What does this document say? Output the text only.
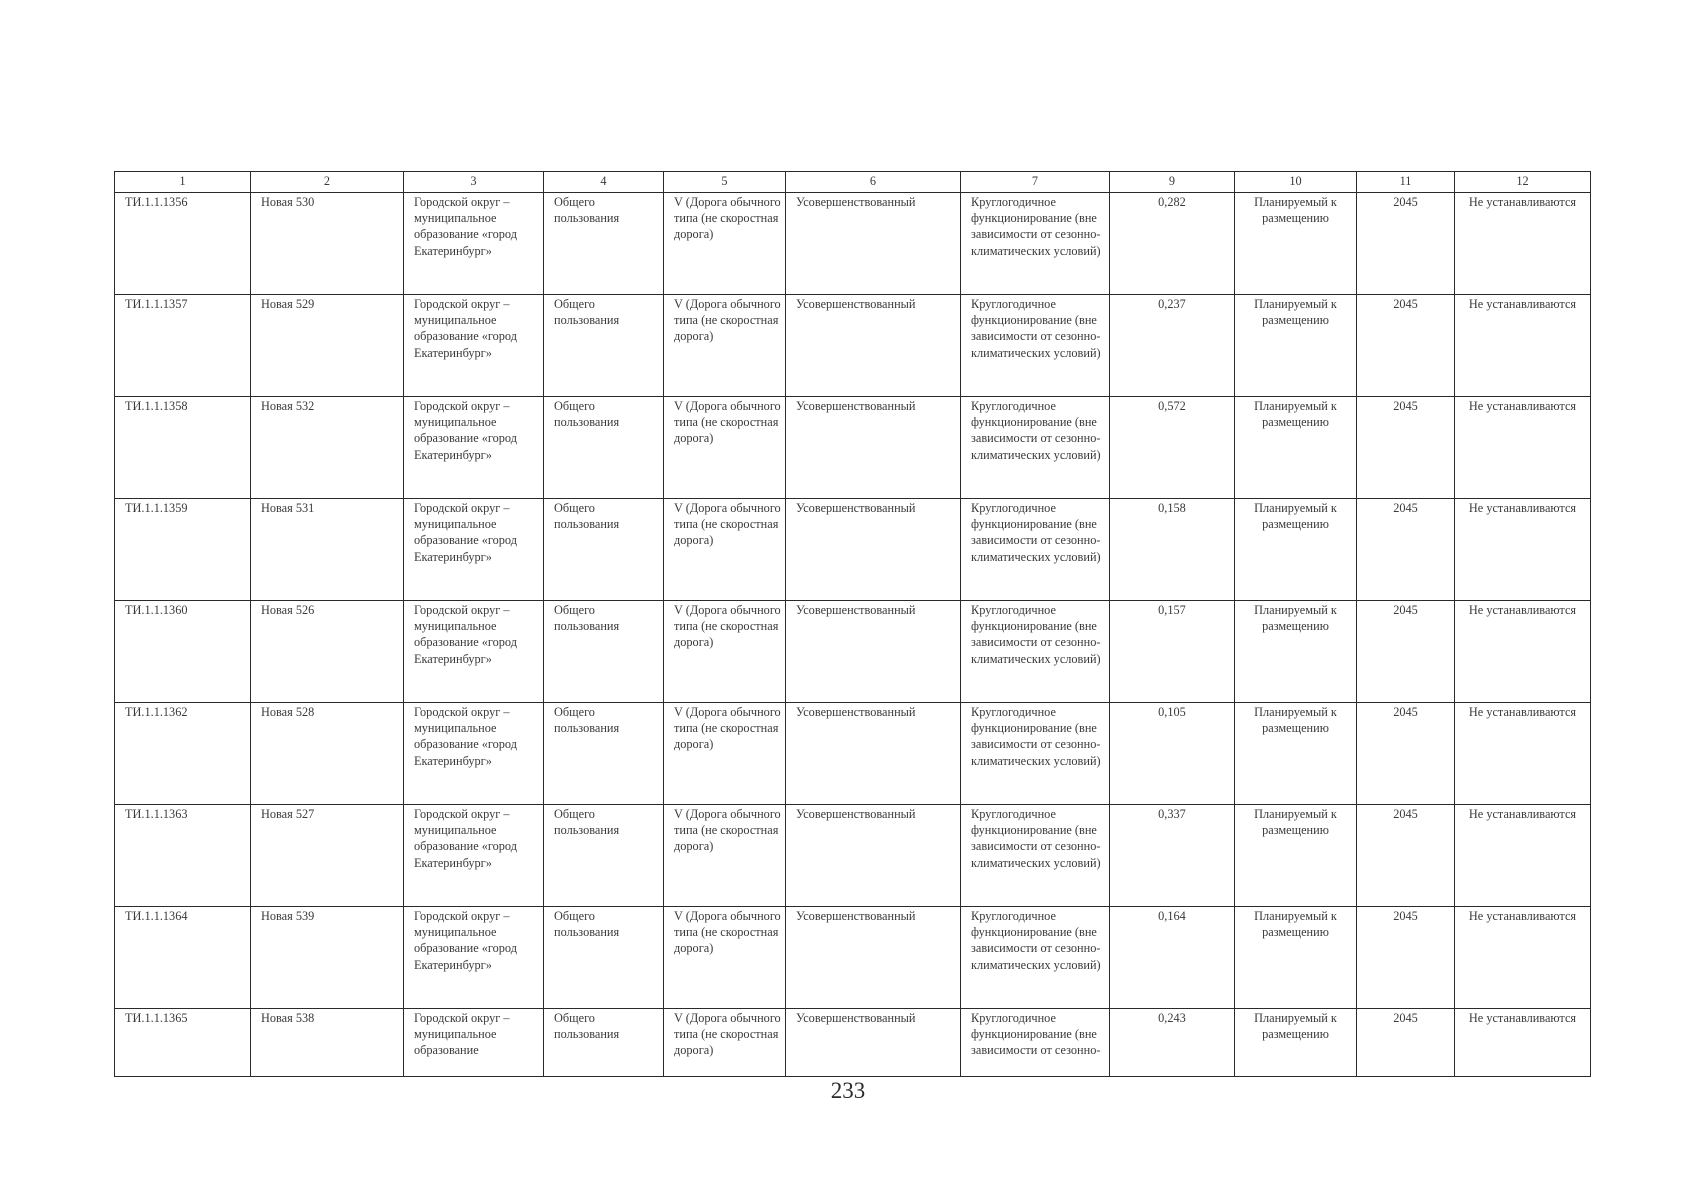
1	2	3	4	5	6	7	9	10	11	12
ТИ.1.1.1356	Новая 530	Городской округ – муниципальное образование «город Екатеринбург»	Общего пользования	V (Дорога обычного типа (не скоростная дорога)	Усовершенствованный	Круглогодичное функционирование (вне зависимости от сезонно-климатических условий)	0,282	Планируемый к размещению	2045	Не устанавливаются
ТИ.1.1.1357	Новая 529	Городской округ – муниципальное образование «город Екатеринбург»	Общего пользования	V (Дорога обычного типа (не скоростная дорога)	Усовершенствованный	Круглогодичное функционирование (вне зависимости от сезонно-климатических условий)	0,237	Планируемый к размещению	2045	Не устанавливаются
ТИ.1.1.1358	Новая 532	Городской округ – муниципальное образование «город Екатеринбург»	Общего пользования	V (Дорога обычного типа (не скоростная дорога)	Усовершенствованный	Круглогодичное функционирование (вне зависимости от сезонно-климатических условий)	0,572	Планируемый к размещению	2045	Не устанавливаются
ТИ.1.1.1359	Новая 531	Городской округ – муниципальное образование «город Екатеринбург»	Общего пользования	V (Дорога обычного типа (не скоростная дорога)	Усовершенствованный	Круглогодичное функционирование (вне зависимости от сезонно-климатических условий)	0,158	Планируемый к размещению	2045	Не устанавливаются
ТИ.1.1.1360	Новая 526	Городской округ – муниципальное образование «город Екатеринбург»	Общего пользования	V (Дорога обычного типа (не скоростная дорога)	Усовершенствованный	Круглогодичное функционирование (вне зависимости от сезонно-климатических условий)	0,157	Планируемый к размещению	2045	Не устанавливаются
ТИ.1.1.1362	Новая 528	Городской округ – муниципальное образование «город Екатеринбург»	Общего пользования	V (Дорога обычного типа (не скоростная дорога)	Усовершенствованный	Круглогодичное функционирование (вне зависимости от сезонно-климатических условий)	0,105	Планируемый к размещению	2045	Не устанавливаются
ТИ.1.1.1363	Новая 527	Городской округ – муниципальное образование «город Екатеринбург»	Общего пользования	V (Дорога обычного типа (не скоростная дорога)	Усовершенствованный	Круглогодичное функционирование (вне зависимости от сезонно-климатических условий)	0,337	Планируемый к размещению	2045	Не устанавливаются
ТИ.1.1.1364	Новая 539	Городской округ – муниципальное образование «город Екатеринбург»	Общего пользования	V (Дорога обычного типа (не скоростная дорога)	Усовершенствованный	Круглогодичное функционирование (вне зависимости от сезонно-климатических условий)	0,164	Планируемый к размещению	2045	Не устанавливаются
ТИ.1.1.1365	Новая 538	Городской округ – муниципальное образование	Общего пользования	V (Дорога обычного типа (не скоростная дорога)	Усовершенствованный	Круглогодичное функционирование (вне зависимости от сезонно-	0,243	Планируемый к размещению	2045	Не устанавливаются
233
